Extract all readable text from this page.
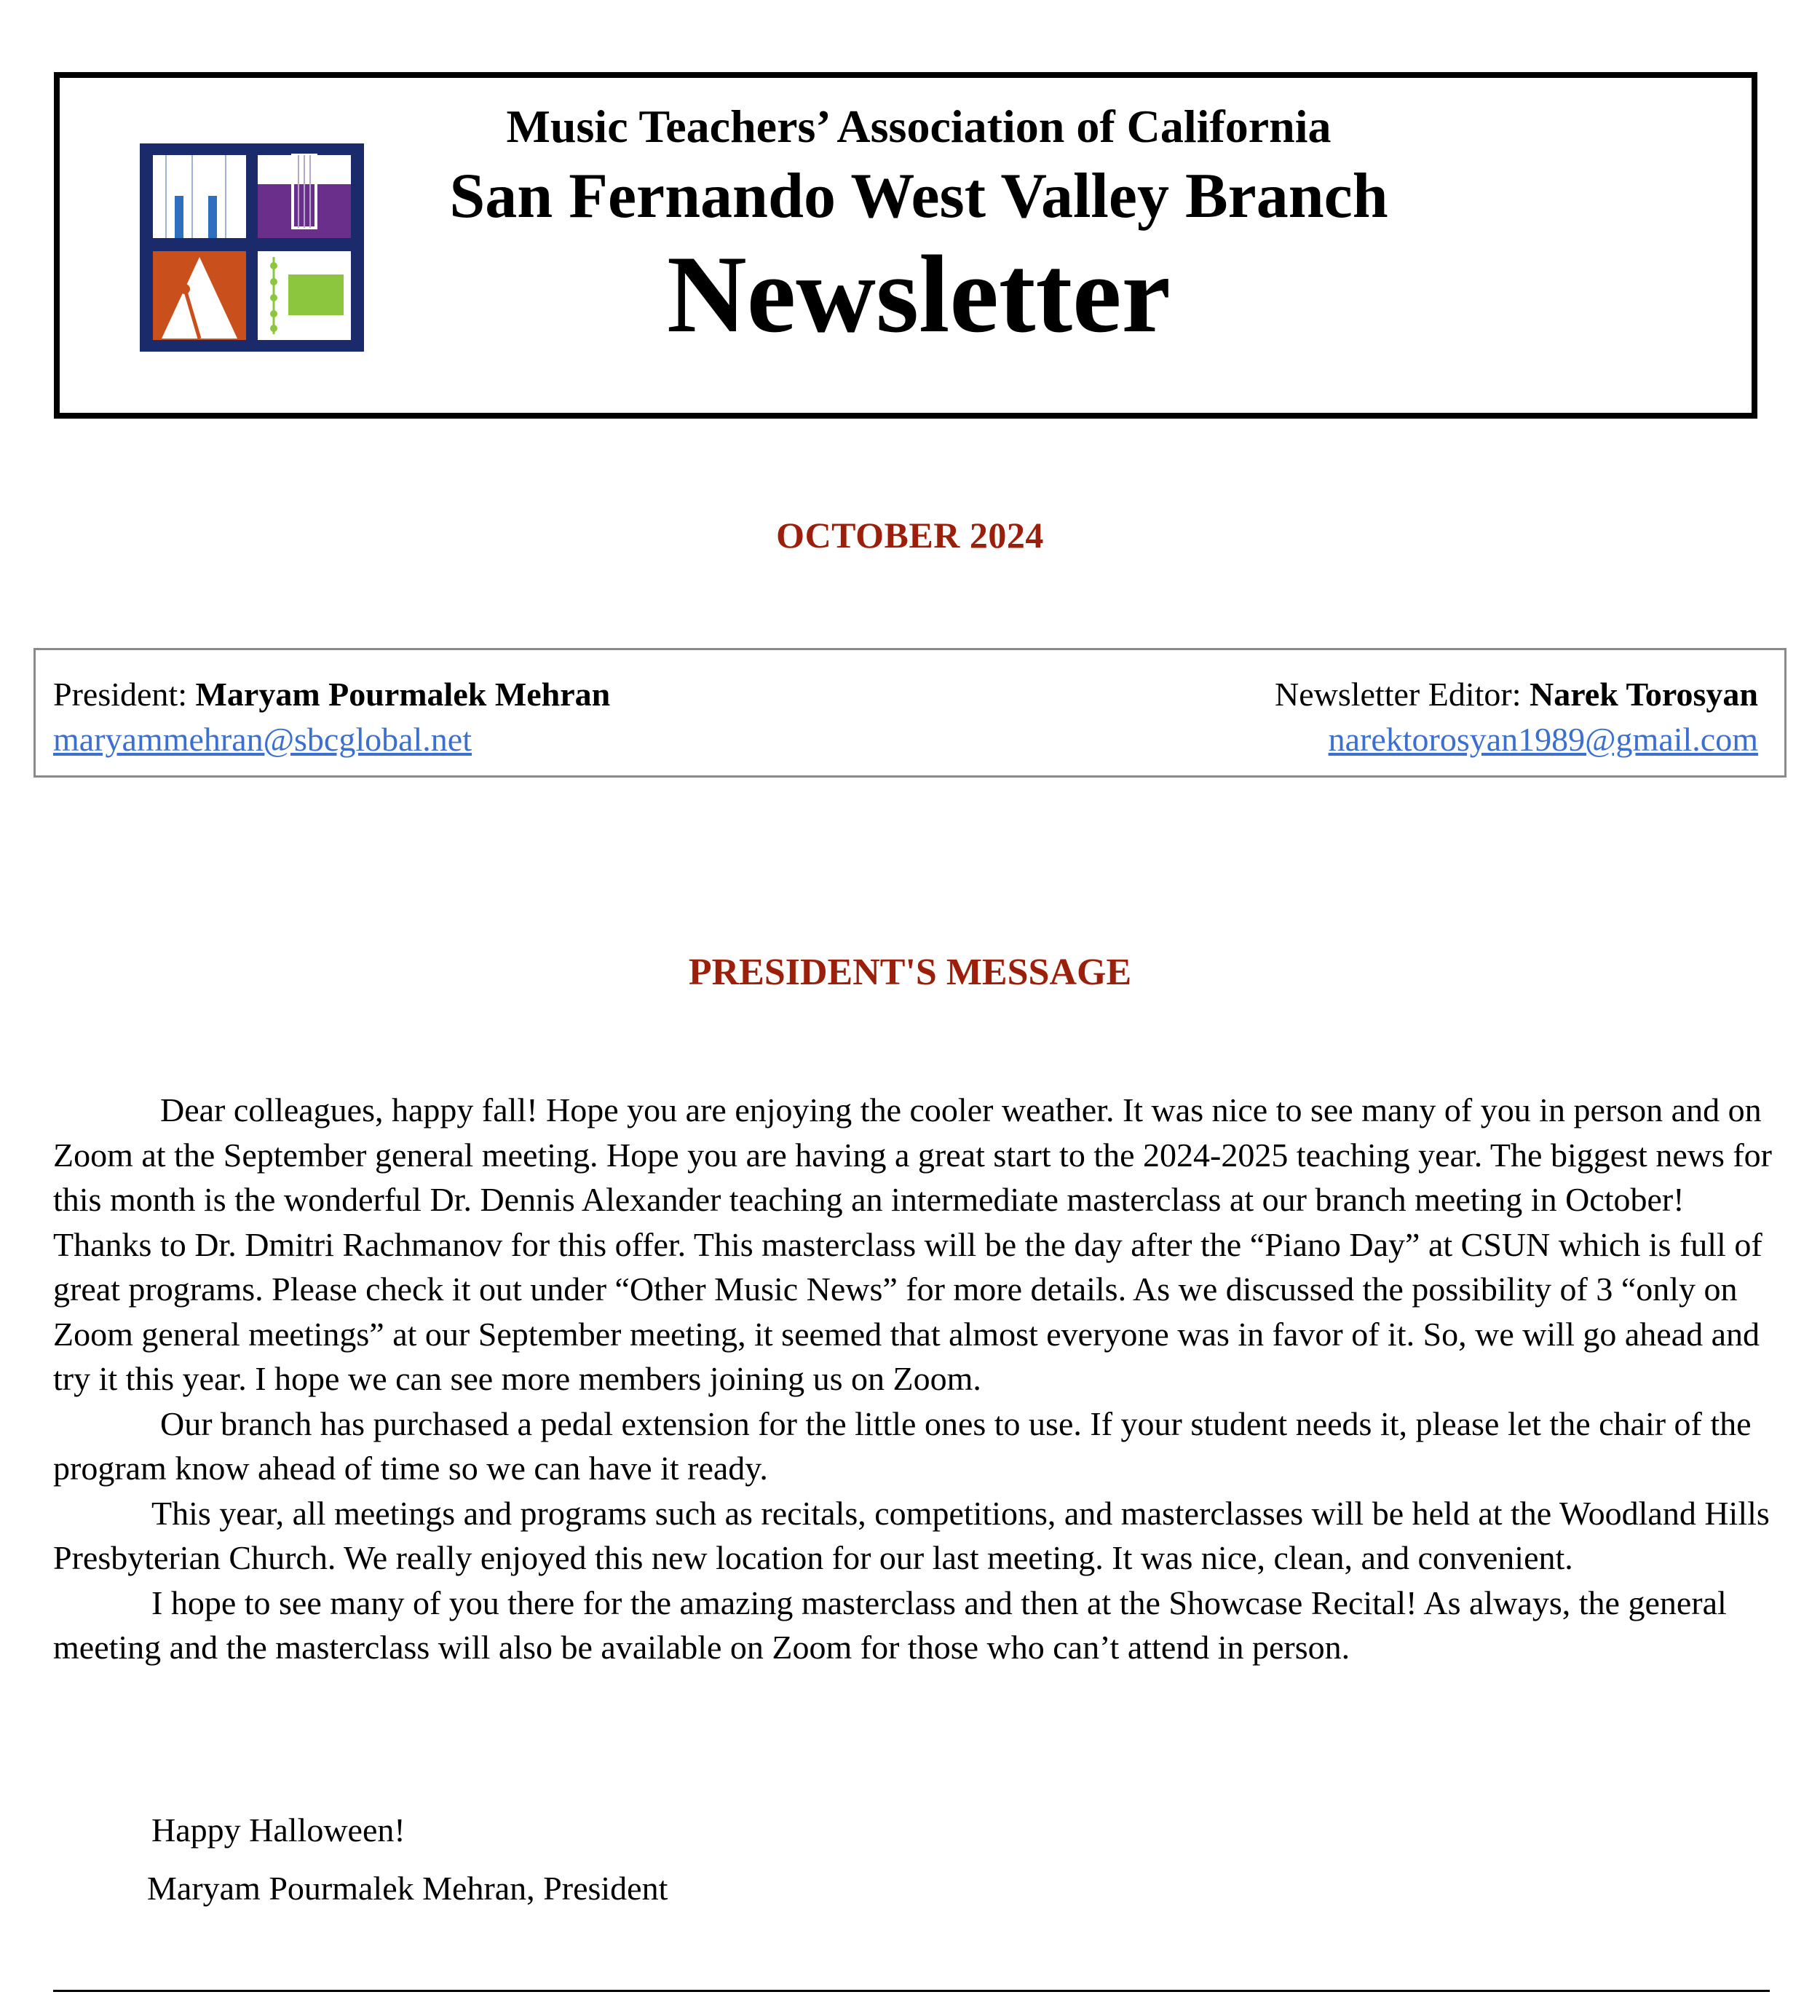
Music Teachers’ Association of California
San Fernando West Valley Branch
Newsletter
OCTOBER 2024
President: Maryam Pourmalek Mehran
maryammehran@sbcglobal.net
Newsletter Editor: Narek Torosyan
narektorosyan1989@gmail.com
PRESIDENT'S MESSAGE

Dear colleagues, happy fall! Hope you are enjoying the cooler weather. It was nice to see many of you in person and on Zoom at the September general meeting. Hope you are having a great start to the 2024-2025 teaching year. The biggest news for this month is the wonderful Dr. Dennis Alexander teaching an intermediate masterclass at our branch meeting in October! Thanks to Dr. Dmitri Rachmanov for this offer. This masterclass will be the day after the “Piano Day” at CSUN which is full of great programs. Please check it out under “Other Music News” for more details. As we discussed the possibility of 3 “only on Zoom general meetings” at our September meeting, it seemed that almost everyone was in favor of it. So, we will go ahead and try it this year. I hope we can see more members joining us on Zoom.

Our branch has purchased a pedal extension for the little ones to use. If your student needs it, please let the chair of the program know ahead of time so we can have it ready.

This year, all meetings and programs such as recitals, competitions, and masterclasses will be held at the Woodland Hills Presbyterian Church. We really enjoyed this new location for our last meeting. It was nice, clean, and convenient.

I hope to see many of you there for the amazing masterclass and then at the Showcase Recital! As always, the general meeting and the masterclass will also be available on Zoom for those who can’t attend in person.

Happy Halloween!
Maryam Pourmalek Mehran, President
